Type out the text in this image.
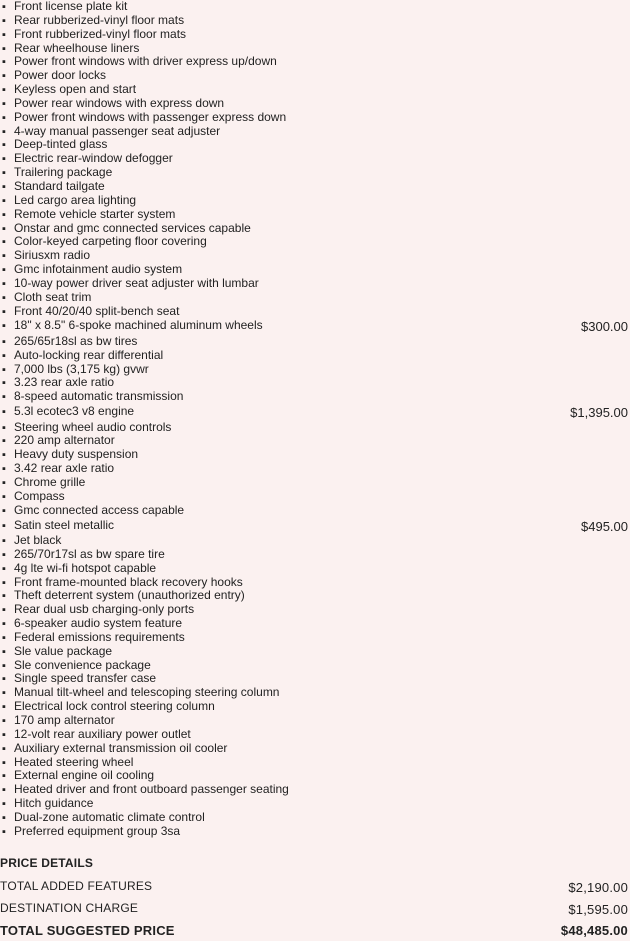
▪ Front license plate kit
▪ Rear rubberized-vinyl floor mats
▪ Front rubberized-vinyl floor mats
▪ Rear wheelhouse liners
▪ Power front windows with driver express up/down
▪ Power door locks
▪ Keyless open and start
▪ Power rear windows with express down
▪ Power front windows with passenger express down
▪ 4-way manual passenger seat adjuster
▪ Deep-tinted glass
▪ Electric rear-window defogger
▪ Trailering package
▪ Standard tailgate
▪ Led cargo area lighting
▪ Remote vehicle starter system
▪ Onstar and gmc connected services capable
▪ Color-keyed carpeting floor covering
▪ Siriusxm radio
▪ Gmc infotainment audio system
▪ 10-way power driver seat adjuster with lumbar
▪ Cloth seat trim
▪ Front 40/20/40 split-bench seat
▪ 18" x 8.5" 6-spoke machined aluminum wheels	$300.00
▪ 265/65r18sl as bw tires
▪ Auto-locking rear differential
▪ 7,000 lbs (3,175 kg) gvwr
▪ 3.23 rear axle ratio
▪ 8-speed automatic transmission
▪ 5.3l ecotec3 v8 engine	$1,395.00
▪ Steering wheel audio controls
▪ 220 amp alternator
▪ Heavy duty suspension
▪ 3.42 rear axle ratio
▪ Chrome grille
▪ Compass
▪ Gmc connected access capable
▪ Satin steel metallic	$495.00
▪ Jet black
▪ 265/70r17sl as bw spare tire
▪ 4g lte wi-fi hotspot capable
▪ Front frame-mounted black recovery hooks
▪ Theft deterrent system (unauthorized entry)
▪ Rear dual usb charging-only ports
▪ 6-speaker audio system feature
▪ Federal emissions requirements
▪ Sle value package
▪ Sle convenience package
▪ Single speed transfer case
▪ Manual tilt-wheel and telescoping steering column
▪ Electrical lock control steering column
▪ 170 amp alternator
▪ 12-volt rear auxiliary power outlet
▪ Auxiliary external transmission oil cooler
▪ Heated steering wheel
▪ External engine oil cooling
▪ Heated driver and front outboard passenger seating
▪ Hitch guidance
▪ Dual-zone automatic climate control
▪ Preferred equipment group 3sa
PRICE DETAILS
TOTAL ADDED FEATURES	$2,190.00
DESTINATION CHARGE	$1,595.00
TOTAL SUGGESTED PRICE	$48,485.00
